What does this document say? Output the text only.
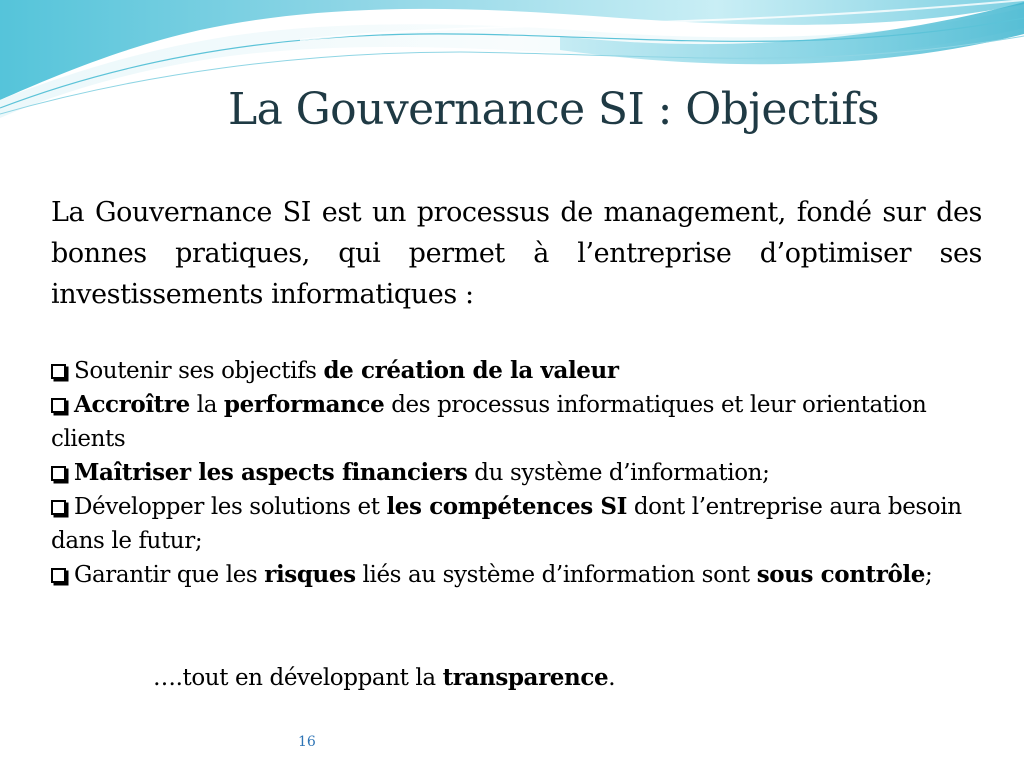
La Gouvernance SI : Objectifs

La Gouvernance SI est un processus de management, fondé sur des bonnes pratiques, qui permet à l’entreprise d’optimiser ses investissements informatiques :

Soutenir ses objectifs de création de la valeur
Accroître la performance des processus informatiques et leur orientation clients
Maîtriser les aspects financiers du système d’information;
Développer les solutions et les compétences SI dont l’entreprise aura besoin dans le futur;
Garantir que les risques liés au système d’information sont sous contrôle;
….tout en développant la transparence.
16
